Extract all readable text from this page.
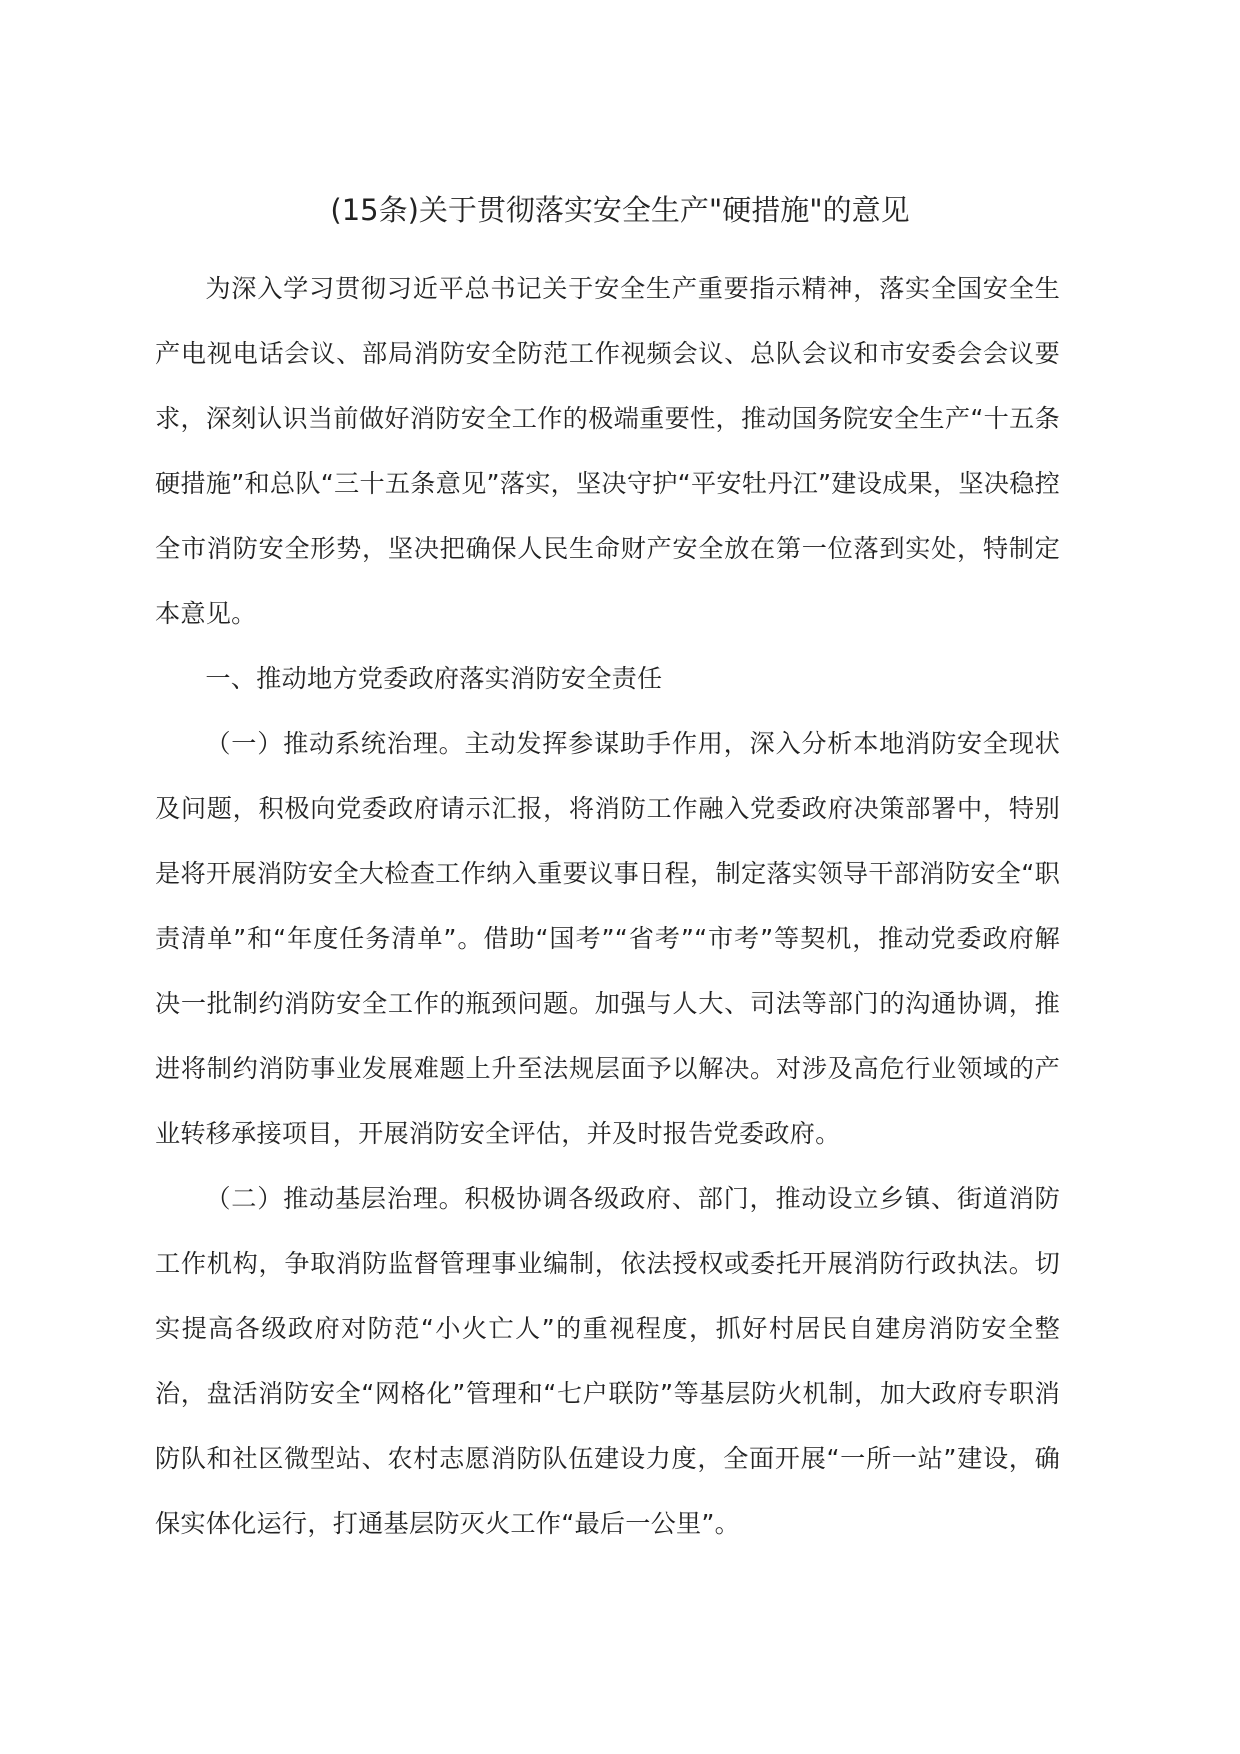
(15条)关于贯彻落实安全生产"硬措施"的意见

为深入学习贯彻习近平总书记关于安全生产重要指示精神，落实全国安全生产电视电话会议、部局消防安全防范工作视频会议、总队会议和市安委会会议要求，深刻认识当前做好消防安全工作的极端重要性，推动国务院安全生产“十五条硬措施”和总队“三十五条意见”落实，坚决守护“平安牡丹江”建设成果，坚决稳控全市消防安全形势，坚决把确保人民生命财产安全放在第一位落到实处，特制定本意见。

一、推动地方党委政府落实消防安全责任

（一）推动系统治理。主动发挥参谋助手作用，深入分析本地消防安全现状及问题，积极向党委政府请示汇报，将消防工作融入党委政府决策部署中，特别是将开展消防安全大检查工作纳入重要议事日程，制定落实领导干部消防安全“职责清单”和“年度任务清单”。借助“国考”“省考”“市考”等契机，推动党委政府解决一批制约消防安全工作的瓶颈问题。加强与人大、司法等部门的沟通协调，推进将制约消防事业发展难题上升至法规层面予以解决。对涉及高危行业领域的产业转移承接项目，开展消防安全评估，并及时报告党委政府。

（二）推动基层治理。积极协调各级政府、部门，推动设立乡镇、街道消防工作机构，争取消防监督管理事业编制，依法授权或委托开展消防行政执法。切实提高各级政府对防范“小火亡人”的重视程度，抓好村居民自建房消防安全整治，盘活消防安全“网格化”管理和“七户联防”等基层防火机制，加大政府专职消防队和社区微型站、农村志愿消防队伍建设力度，全面开展“一所一站”建设，确保实体化运行，打通基层防灭火工作“最后一公里”。
